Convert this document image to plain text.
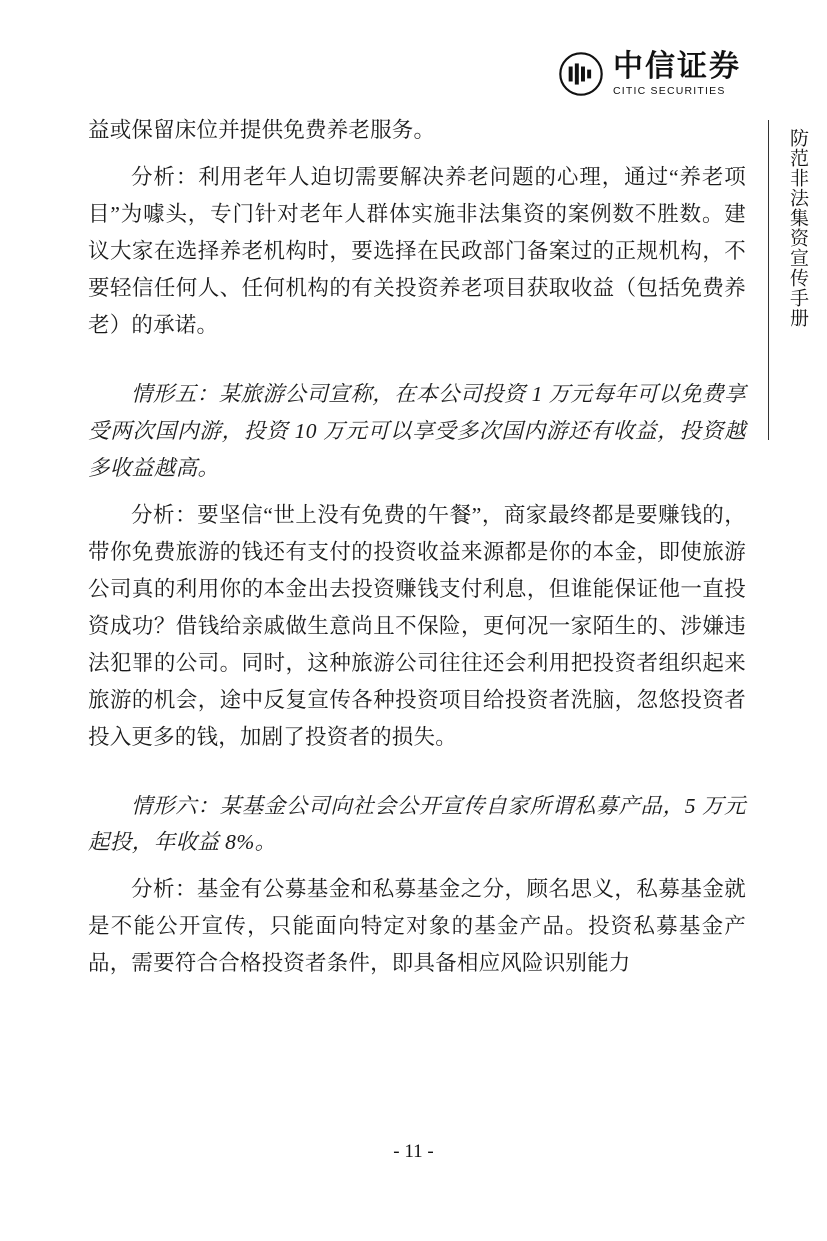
中信证券
CITIC SECURITIES
防范非法集资宣传手册

益或保留床位并提供免费养老服务。

分析：利用老年人迫切需要解决养老问题的心理，通过“养老项目”为噱头，专门针对老年人群体实施非法集资的案例数不胜数。建议大家在选择养老机构时，要选择在民政部门备案过的正规机构，不要轻信任何人、任何机构的有关投资养老项目获取收益（包括免费养老）的承诺。

情形五：某旅游公司宣称，在本公司投资 1 万元每年可以免费享受两次国内游，投资 10 万元可以享受多次国内游还有收益，投资越多收益越高。

分析：要坚信“世上没有免费的午餐”，商家最终都是要赚钱的，带你免费旅游的钱还有支付的投资收益来源都是你的本金，即使旅游公司真的利用你的本金出去投资赚钱支付利息，但谁能保证他一直投资成功？借钱给亲戚做生意尚且不保险，更何况一家陌生的、涉嫌违法犯罪的公司。同时，这种旅游公司往往还会利用把投资者组织起来旅游的机会，途中反复宣传各种投资项目给投资者洗脑，忽悠投资者投入更多的钱，加剧了投资者的损失。

情形六：某基金公司向社会公开宣传自家所谓私募产品，5 万元起投，年收益 8%。

分析：基金有公募基金和私募基金之分，顾名思义，私募基金就是不能公开宣传，只能面向特定对象的基金产品。投资私募基金产品，需要符合合格投资者条件，即具备相应风险识别能力

- 11 -
